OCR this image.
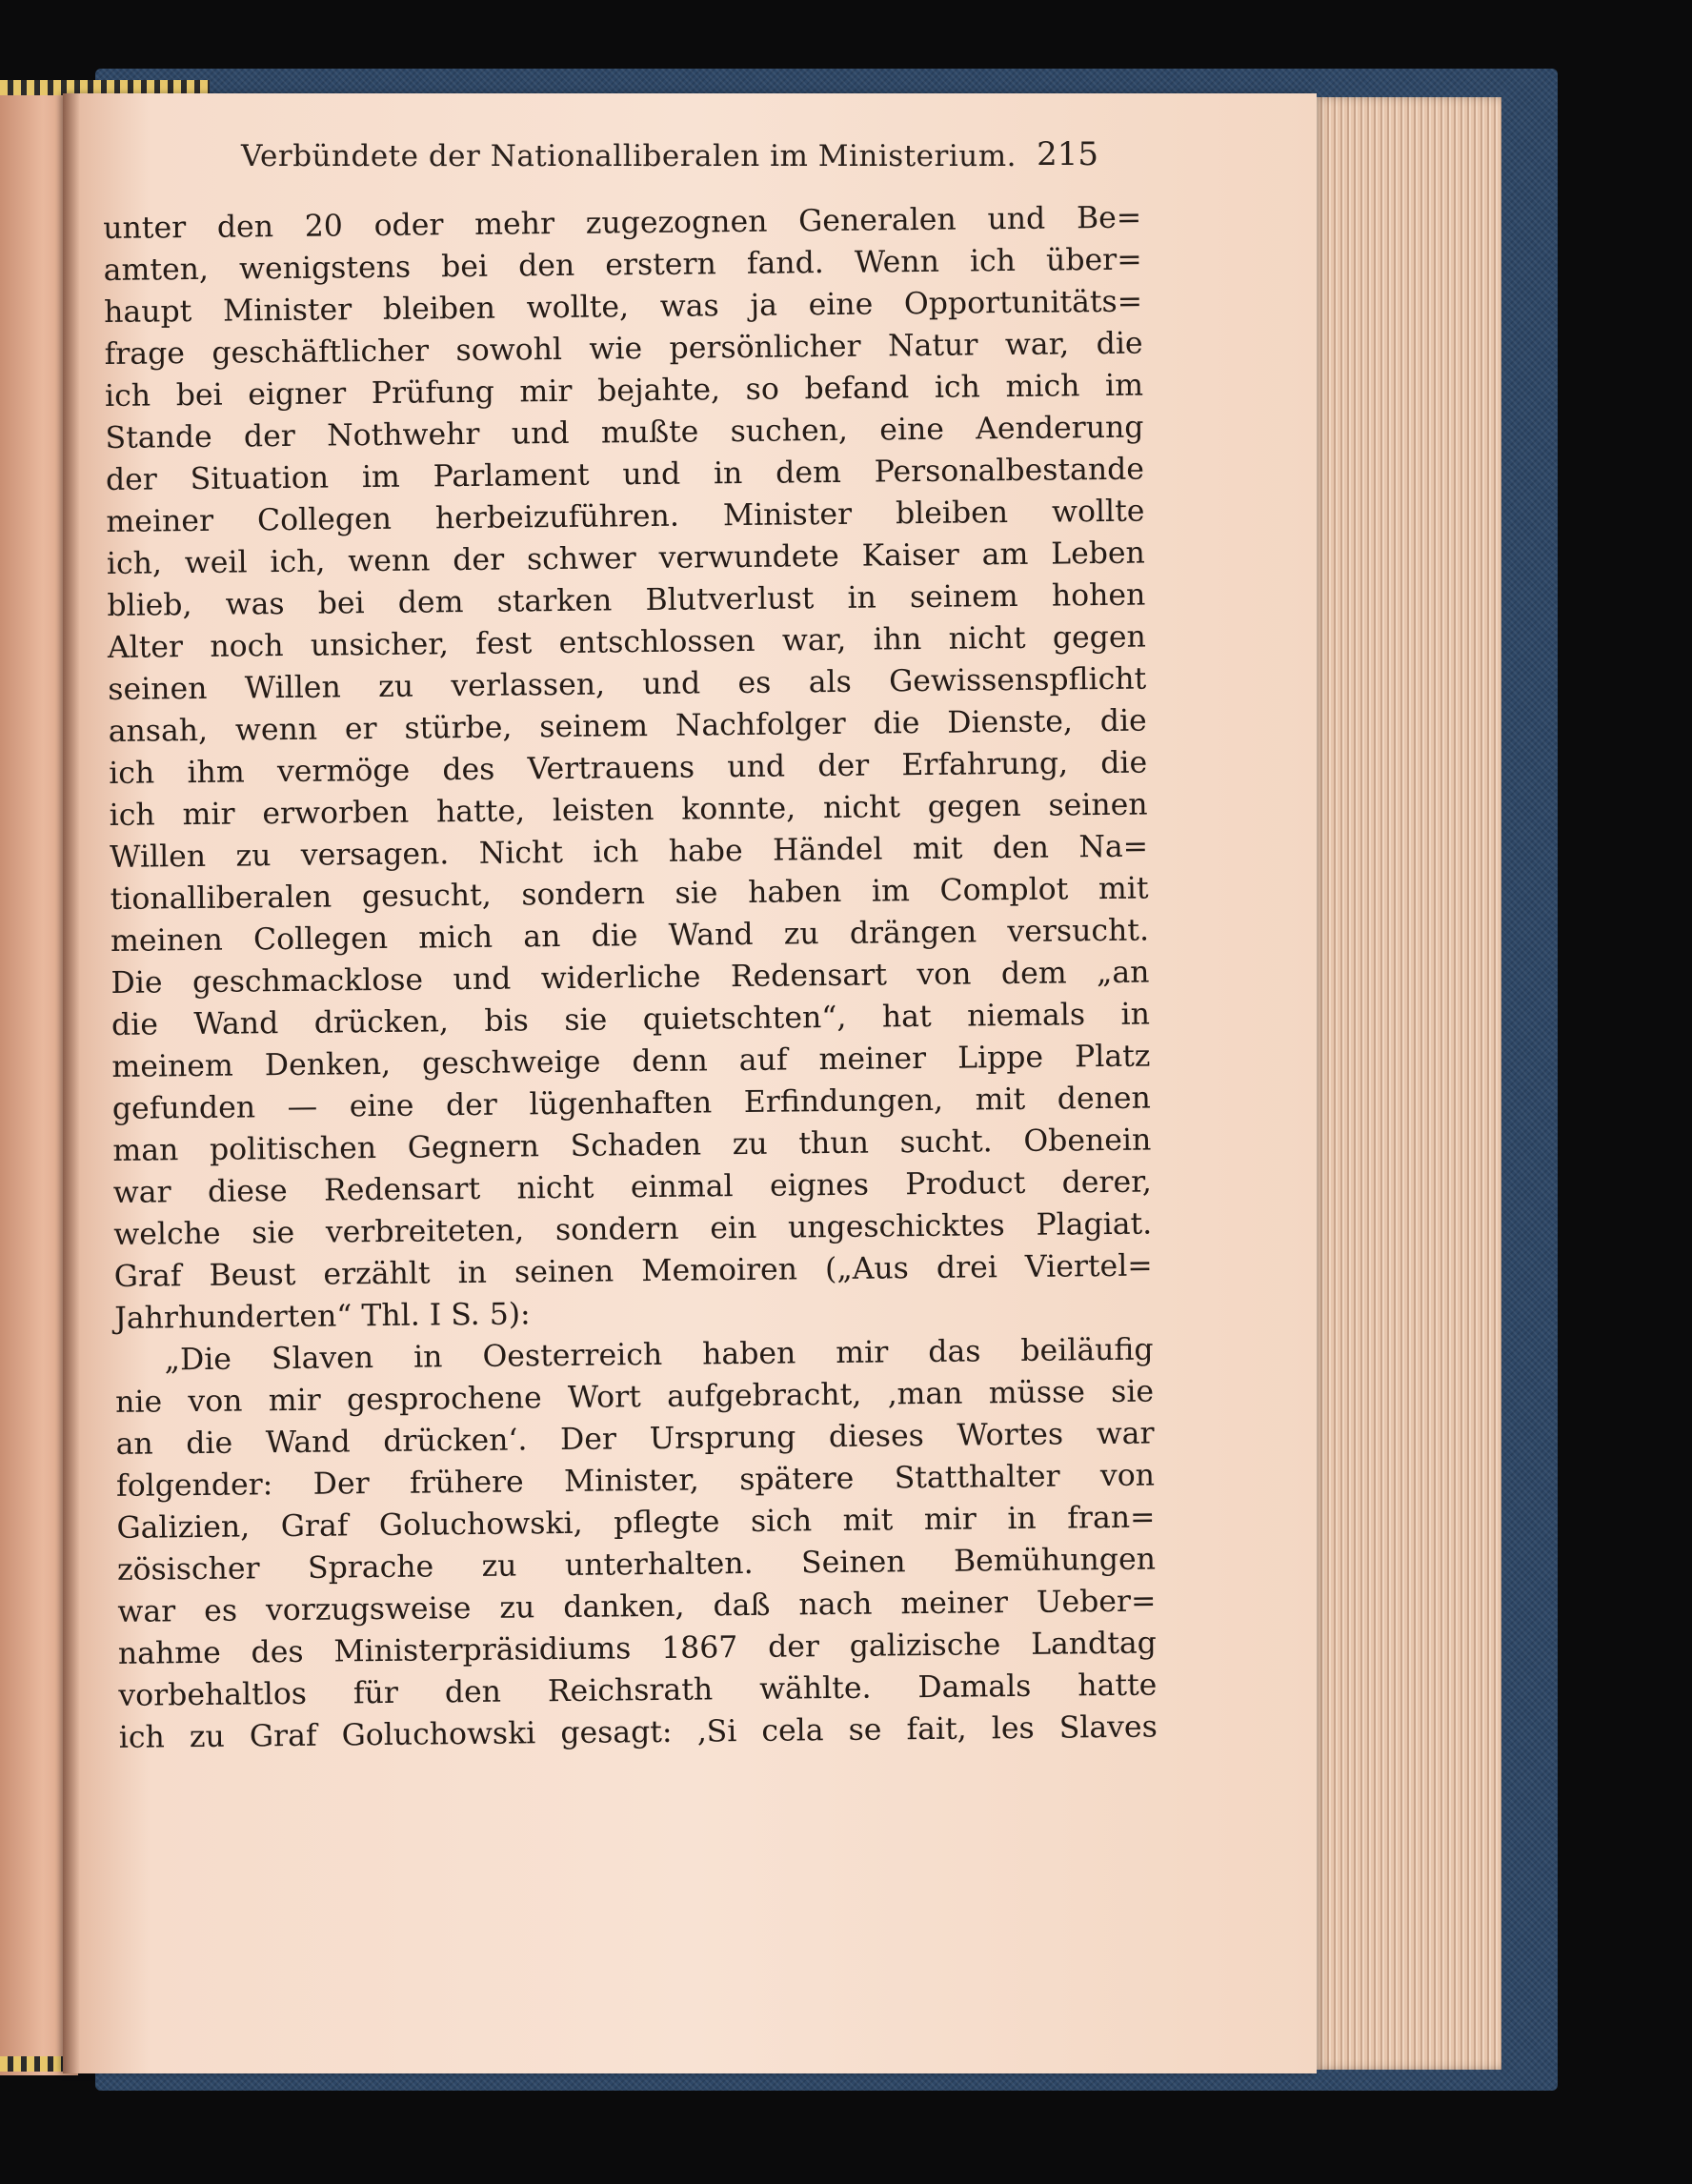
Verbündete der Nationalliberalen im Ministerium. 215
unter den 20 oder mehr zugezognen Generalen und Be=
amten, wenigstens bei den erstern fand. Wenn ich über=
haupt Minister bleiben wollte, was ja eine Opportunitäts=
frage geschäftlicher sowohl wie persönlicher Natur war, die
ich bei eigner Prüfung mir bejahte, so befand ich mich im
Stande der Nothwehr und mußte suchen, eine Aenderung
der Situation im Parlament und in dem Personalbestande
meiner Collegen herbeizuführen. Minister bleiben wollte
ich, weil ich, wenn der schwer verwundete Kaiser am Leben
blieb, was bei dem starken Blutverlust in seinem hohen
Alter noch unsicher, fest entschlossen war, ihn nicht gegen
seinen Willen zu verlassen, und es als Gewissenspflicht
ansah, wenn er stürbe, seinem Nachfolger die Dienste, die
ich ihm vermöge des Vertrauens und der Erfahrung, die
ich mir erworben hatte, leisten konnte, nicht gegen seinen
Willen zu versagen. Nicht ich habe Händel mit den Na=
tionalliberalen gesucht, sondern sie haben im Complot mit
meinen Collegen mich an die Wand zu drängen versucht.
Die geschmacklose und widerliche Redensart von dem „an
die Wand drücken, bis sie quietschten“, hat niemals in
meinem Denken, geschweige denn auf meiner Lippe Platz
gefunden — eine der lügenhaften Erfindungen, mit denen
man politischen Gegnern Schaden zu thun sucht. Obenein
war diese Redensart nicht einmal eignes Product derer,
welche sie verbreiteten, sondern ein ungeschicktes Plagiat.
Graf Beust erzählt in seinen Memoiren („Aus drei Viertel=
Jahrhunderten“ Thl. I S. 5):
„Die Slaven in Oesterreich haben mir das beiläufig
nie von mir gesprochene Wort aufgebracht, ‚man müsse sie
an die Wand drücken‘. Der Ursprung dieses Wortes war
folgender: Der frühere Minister, spätere Statthalter von
Galizien, Graf Goluchowski, pflegte sich mit mir in fran=
zösischer Sprache zu unterhalten. Seinen Bemühungen
war es vorzugsweise zu danken, daß nach meiner Ueber=
nahme des Ministerpräsidiums 1867 der galizische Landtag
vorbehaltlos für den Reichsrath wählte. Damals hatte
ich zu Graf Goluchowski gesagt: ‚Si cela se fait, les Slaves
